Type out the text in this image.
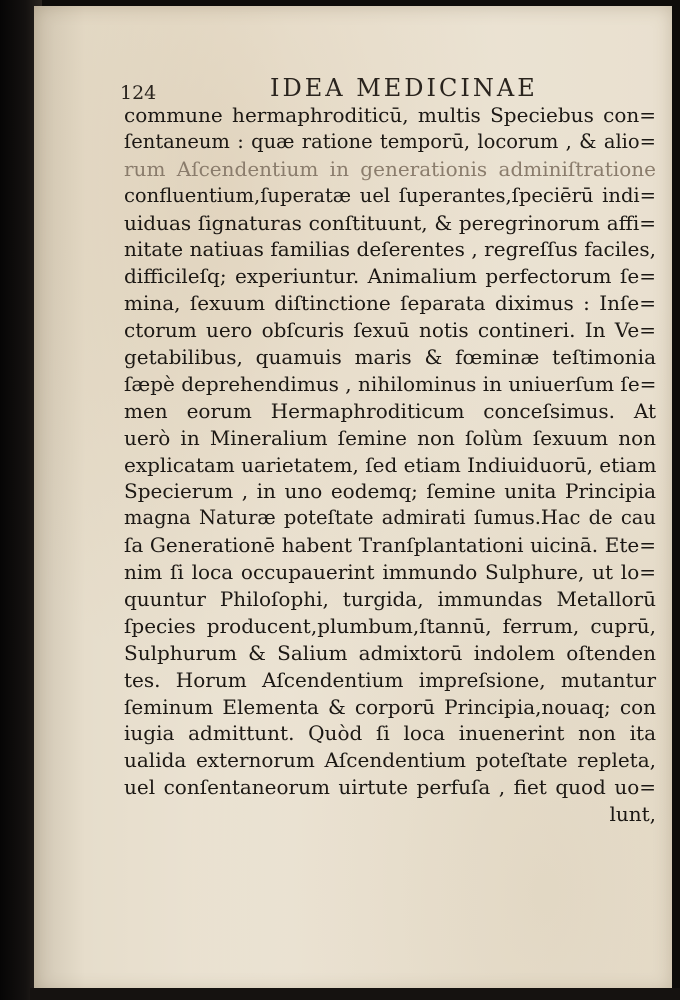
124	IDEA MEDICINAE
commune hermaphroditicū, multis Speciebus con=
ſentaneum : quæ ratione temporū, locorum , & alio=
rum Aſcendentium in generationis adminiſtratione
confluentium,ſuperatæ uel ſuperantes,ſpeciērū indi=
uiduas ſignaturas conſtituunt, & peregrinorum affi=
nitate natiuas familias deſerentes , regreſſus faciles,
difficileſq; experiuntur. Animalium perfectorum ſe=
mina, ſexuum diſtinctione ſeparata diximus : Inſe=
ctorum uero obſcuris ſexuū notis contineri. In Ve=
getabilibus, quamuis maris & fœminæ teſtimonia
ſæpè deprehendimus , nihilominus in uniuerſum ſe=
men eorum Hermaphroditicum conceſsimus. At
uerò in Mineralium ſemine non ſolùm ſexuum non
explicatam uarietatem, ſed etiam Indiuiduorū, etiam
Specierum , in uno eodemq; ſemine unita Principia
magna Naturæ poteſtate admirati ſumus.Hac de cau
ſa Generationē habent Tranſplantationi uicinā. Ete=
nim ſi loca occupauerint immundo Sulphure, ut lo=
quuntur Philoſophi, turgida, immundas Metallorū
ſpecies producent,plumbum,ſtannū, ferrum, cuprū,
Sulphurum & Salium admixtorū indolem oſtenden
tes. Horum Aſcendentium impreſsione, mutantur
ſeminum Elementa & corporū Principia,nouaq; con
iugia admittunt. Quòd ſi loca inuenerint non ita
ualida externorum Aſcendentium poteſtate repleta,
uel conſentaneorum uirtute perfuſa , fiet quod uo=
lunt,
